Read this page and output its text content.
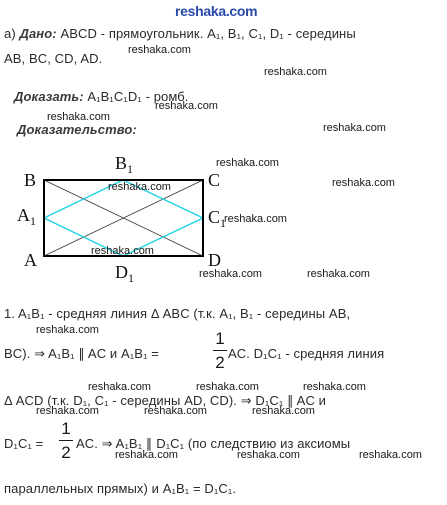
reshaka.com
а) Дано: ABCD - прямоугольник. A₁, B₁, C₁, D₁ - середины
AB, BC, CD, AD.
Доказать: A₁B₁C₁D₁ - ромб.
Доказательство:
B	C
A	D
$B_1$
$A_1$	$C_1$
$D_1$
1. A₁B₁ - средняя линия Δ ABC (т.к. A₁, B₁ - середины AB,
BC). ⇒ A₁B₁ ∥ AC и A₁B₁ =
1
2 AC. D₁C₁ - средняя линия
Δ ACD (т.к. D₁, C₁ - середины AD, CD). ⇒ D₁C₁ ∥ AC и
D₁C₁ =
1
2 AC. ⇒ A₁B₁ ∥ D₁C₁ (по следствию из аксиомы
параллельных прямых) и A₁B₁ = D₁C₁.
reshaka.com
reshaka.com
reshaka.com
reshaka.com
reshaka.com
reshaka.com
reshaka.com	reshaka.com
reshaka.com
reshaka.com
reshaka.com	reshaka.com
reshaka.com
reshaka.com	reshaka.com	reshaka.com
reshaka.com	reshaka.com	reshaka.com
reshaka.com	reshaka.com	reshaka.com
